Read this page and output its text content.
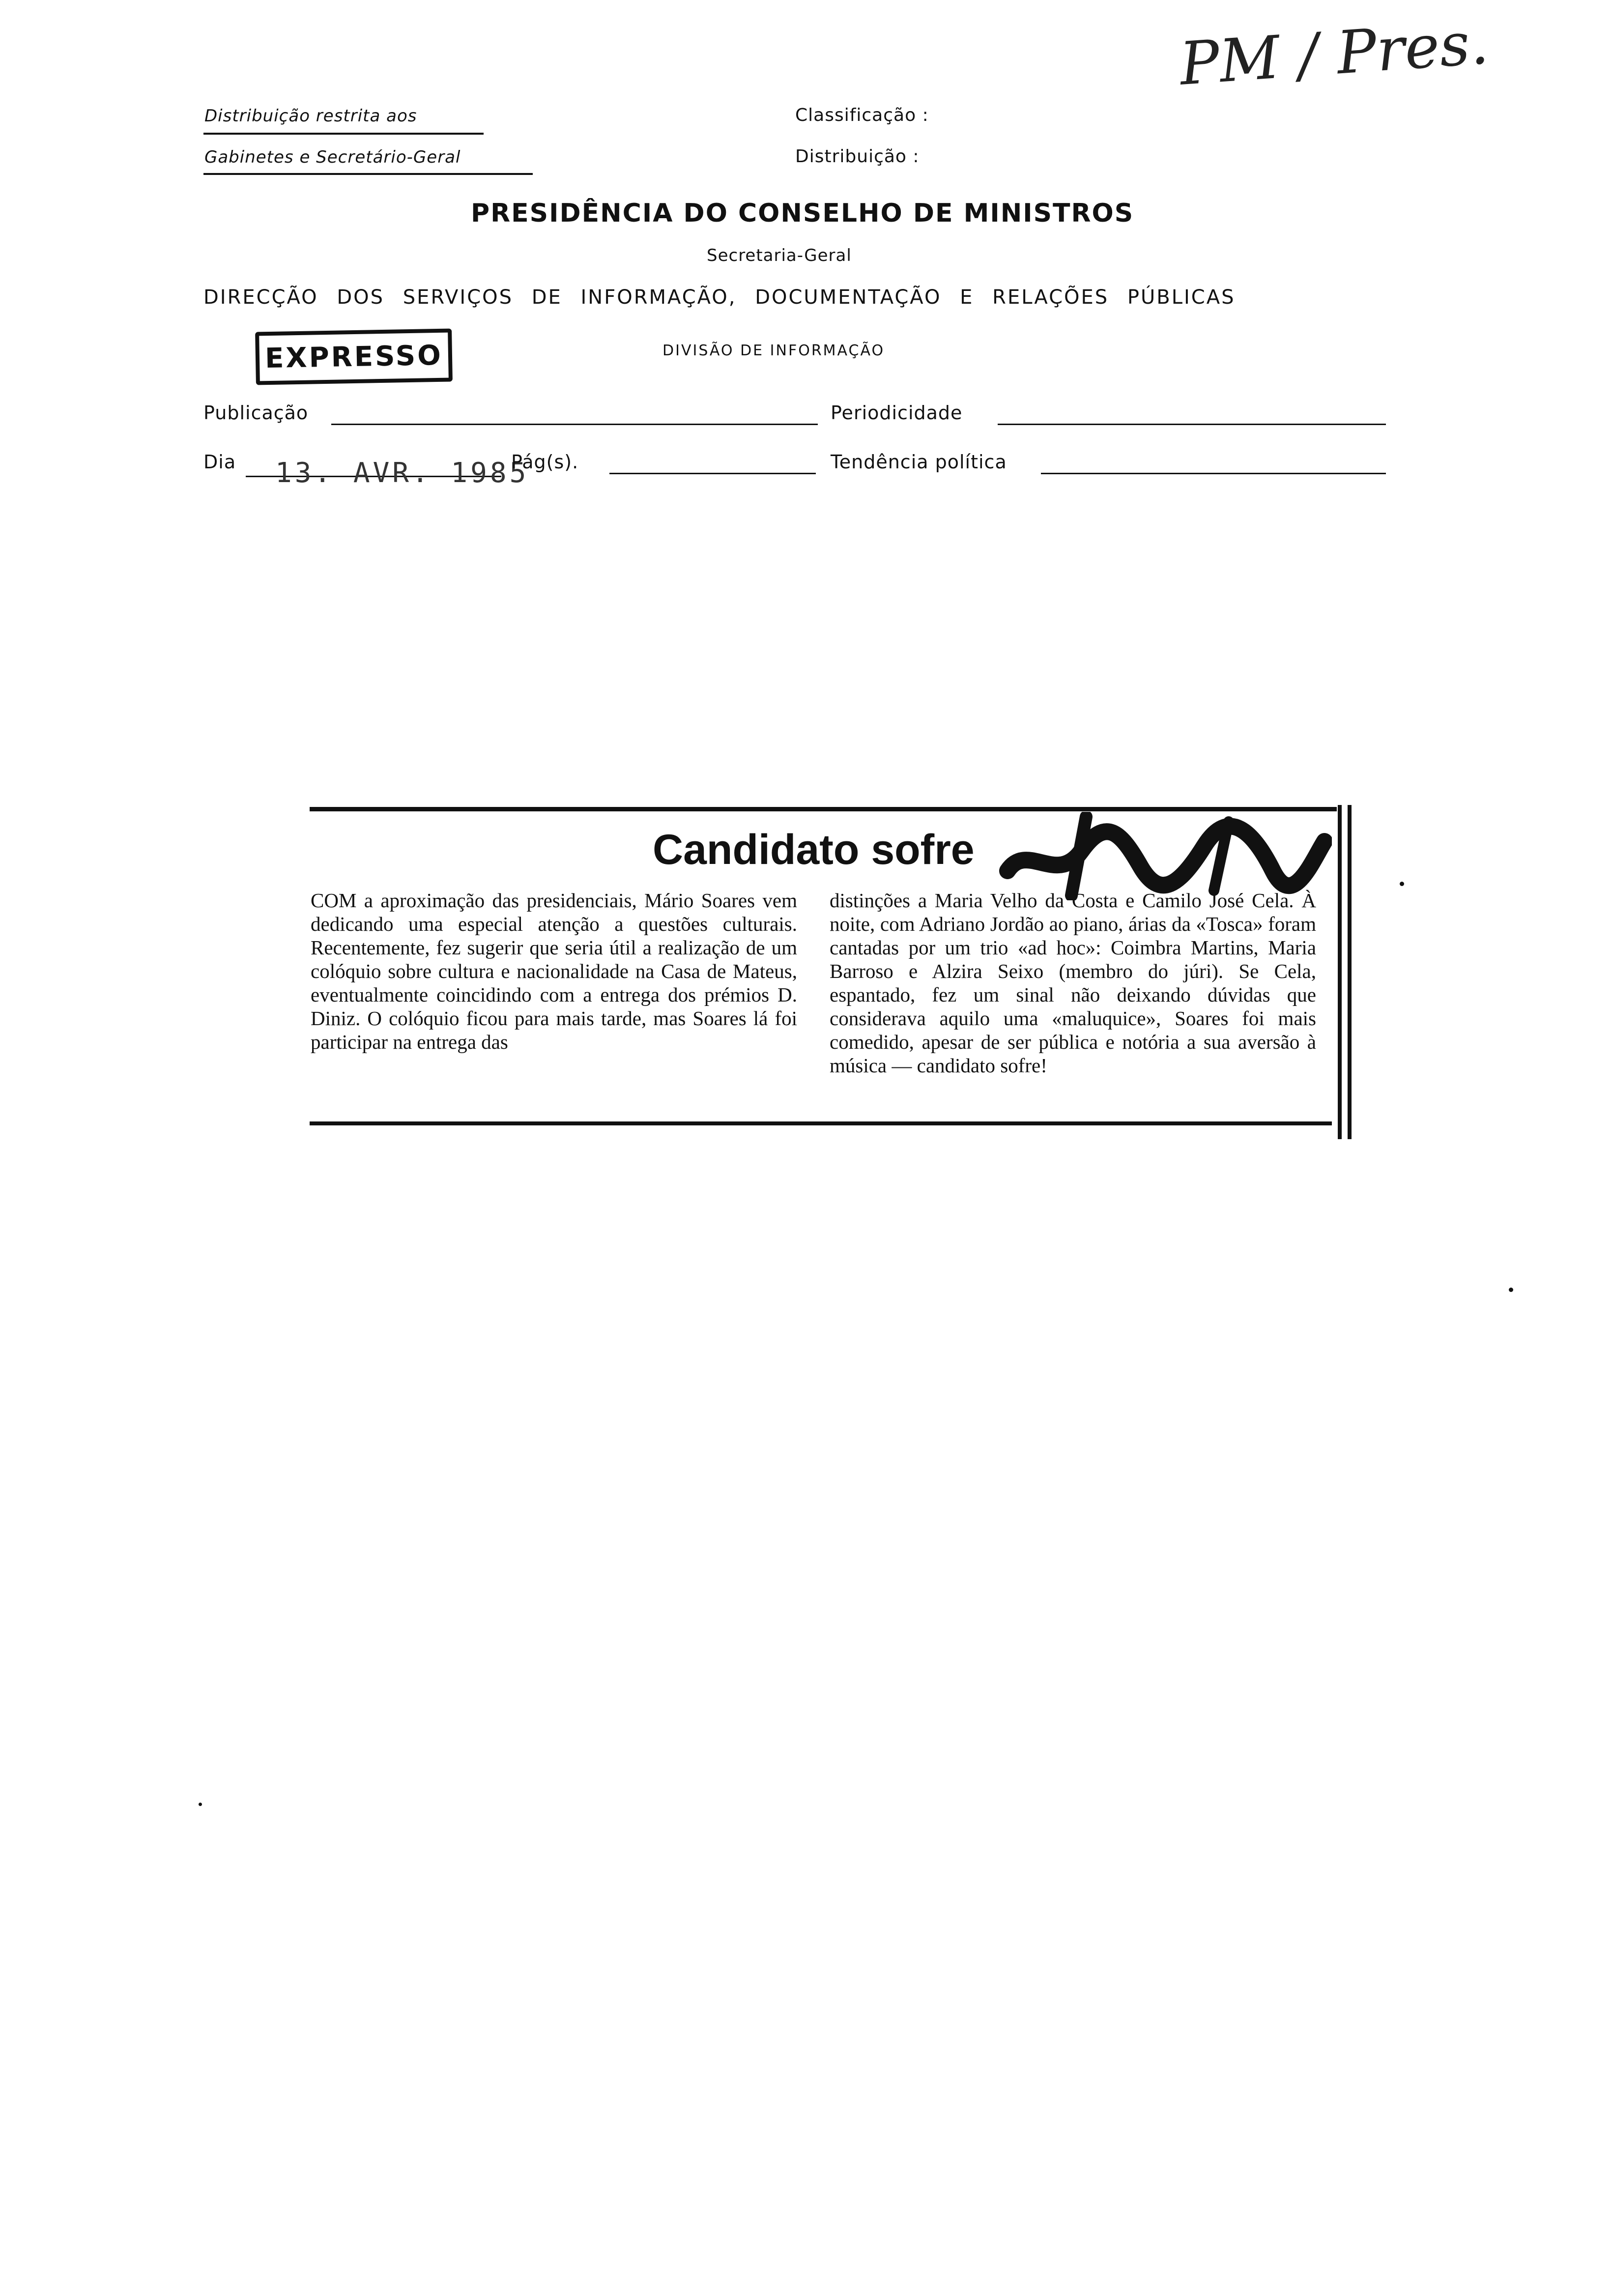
Distribuição restrita aos
Gabinetes e Secretário-Geral
Classificação :
Distribuição :
PM / Pres.
PRESIDÊNCIA DO CONSELHO DE MINISTROS
Secretaria-Geral
DIRECÇÃO DOS SERVIÇOS DE INFORMAÇÃO, DOCUMENTAÇÃO E RELAÇÕES PÚBLICAS
DIVISÃO DE INFORMAÇÃO
EXPRESSO
Publicação	Periodicidade
Dia 13. AVR. 1985
Pág(s).	Tendência política
Candidato sofre

COM a aproximação das presidenciais, Mário Soares vem dedicando uma especial atenção a questões culturais. Recentemente, fez sugerir que seria útil a realização de um colóquio sobre cultura e nacionalidade na Casa de Mateus, eventualmente coincidindo com a entrega dos prémios D. Diniz. O colóquio ficou para mais tarde, mas Soares lá foi participar na entrega das

distinções a Maria Velho da Costa e Camilo José Cela. À noite, com Adriano Jordão ao piano, árias da «Tosca» foram cantadas por um trio «ad hoc»: Coimbra Martins, Maria Barroso e Alzira Seixo (membro do júri). Se Cela, espantado, fez um sinal não deixando dúvidas que considerava aquilo uma «maluquice», Soares foi mais comedido, apesar de ser pública e notória a sua aversão à música — candidato sofre!
